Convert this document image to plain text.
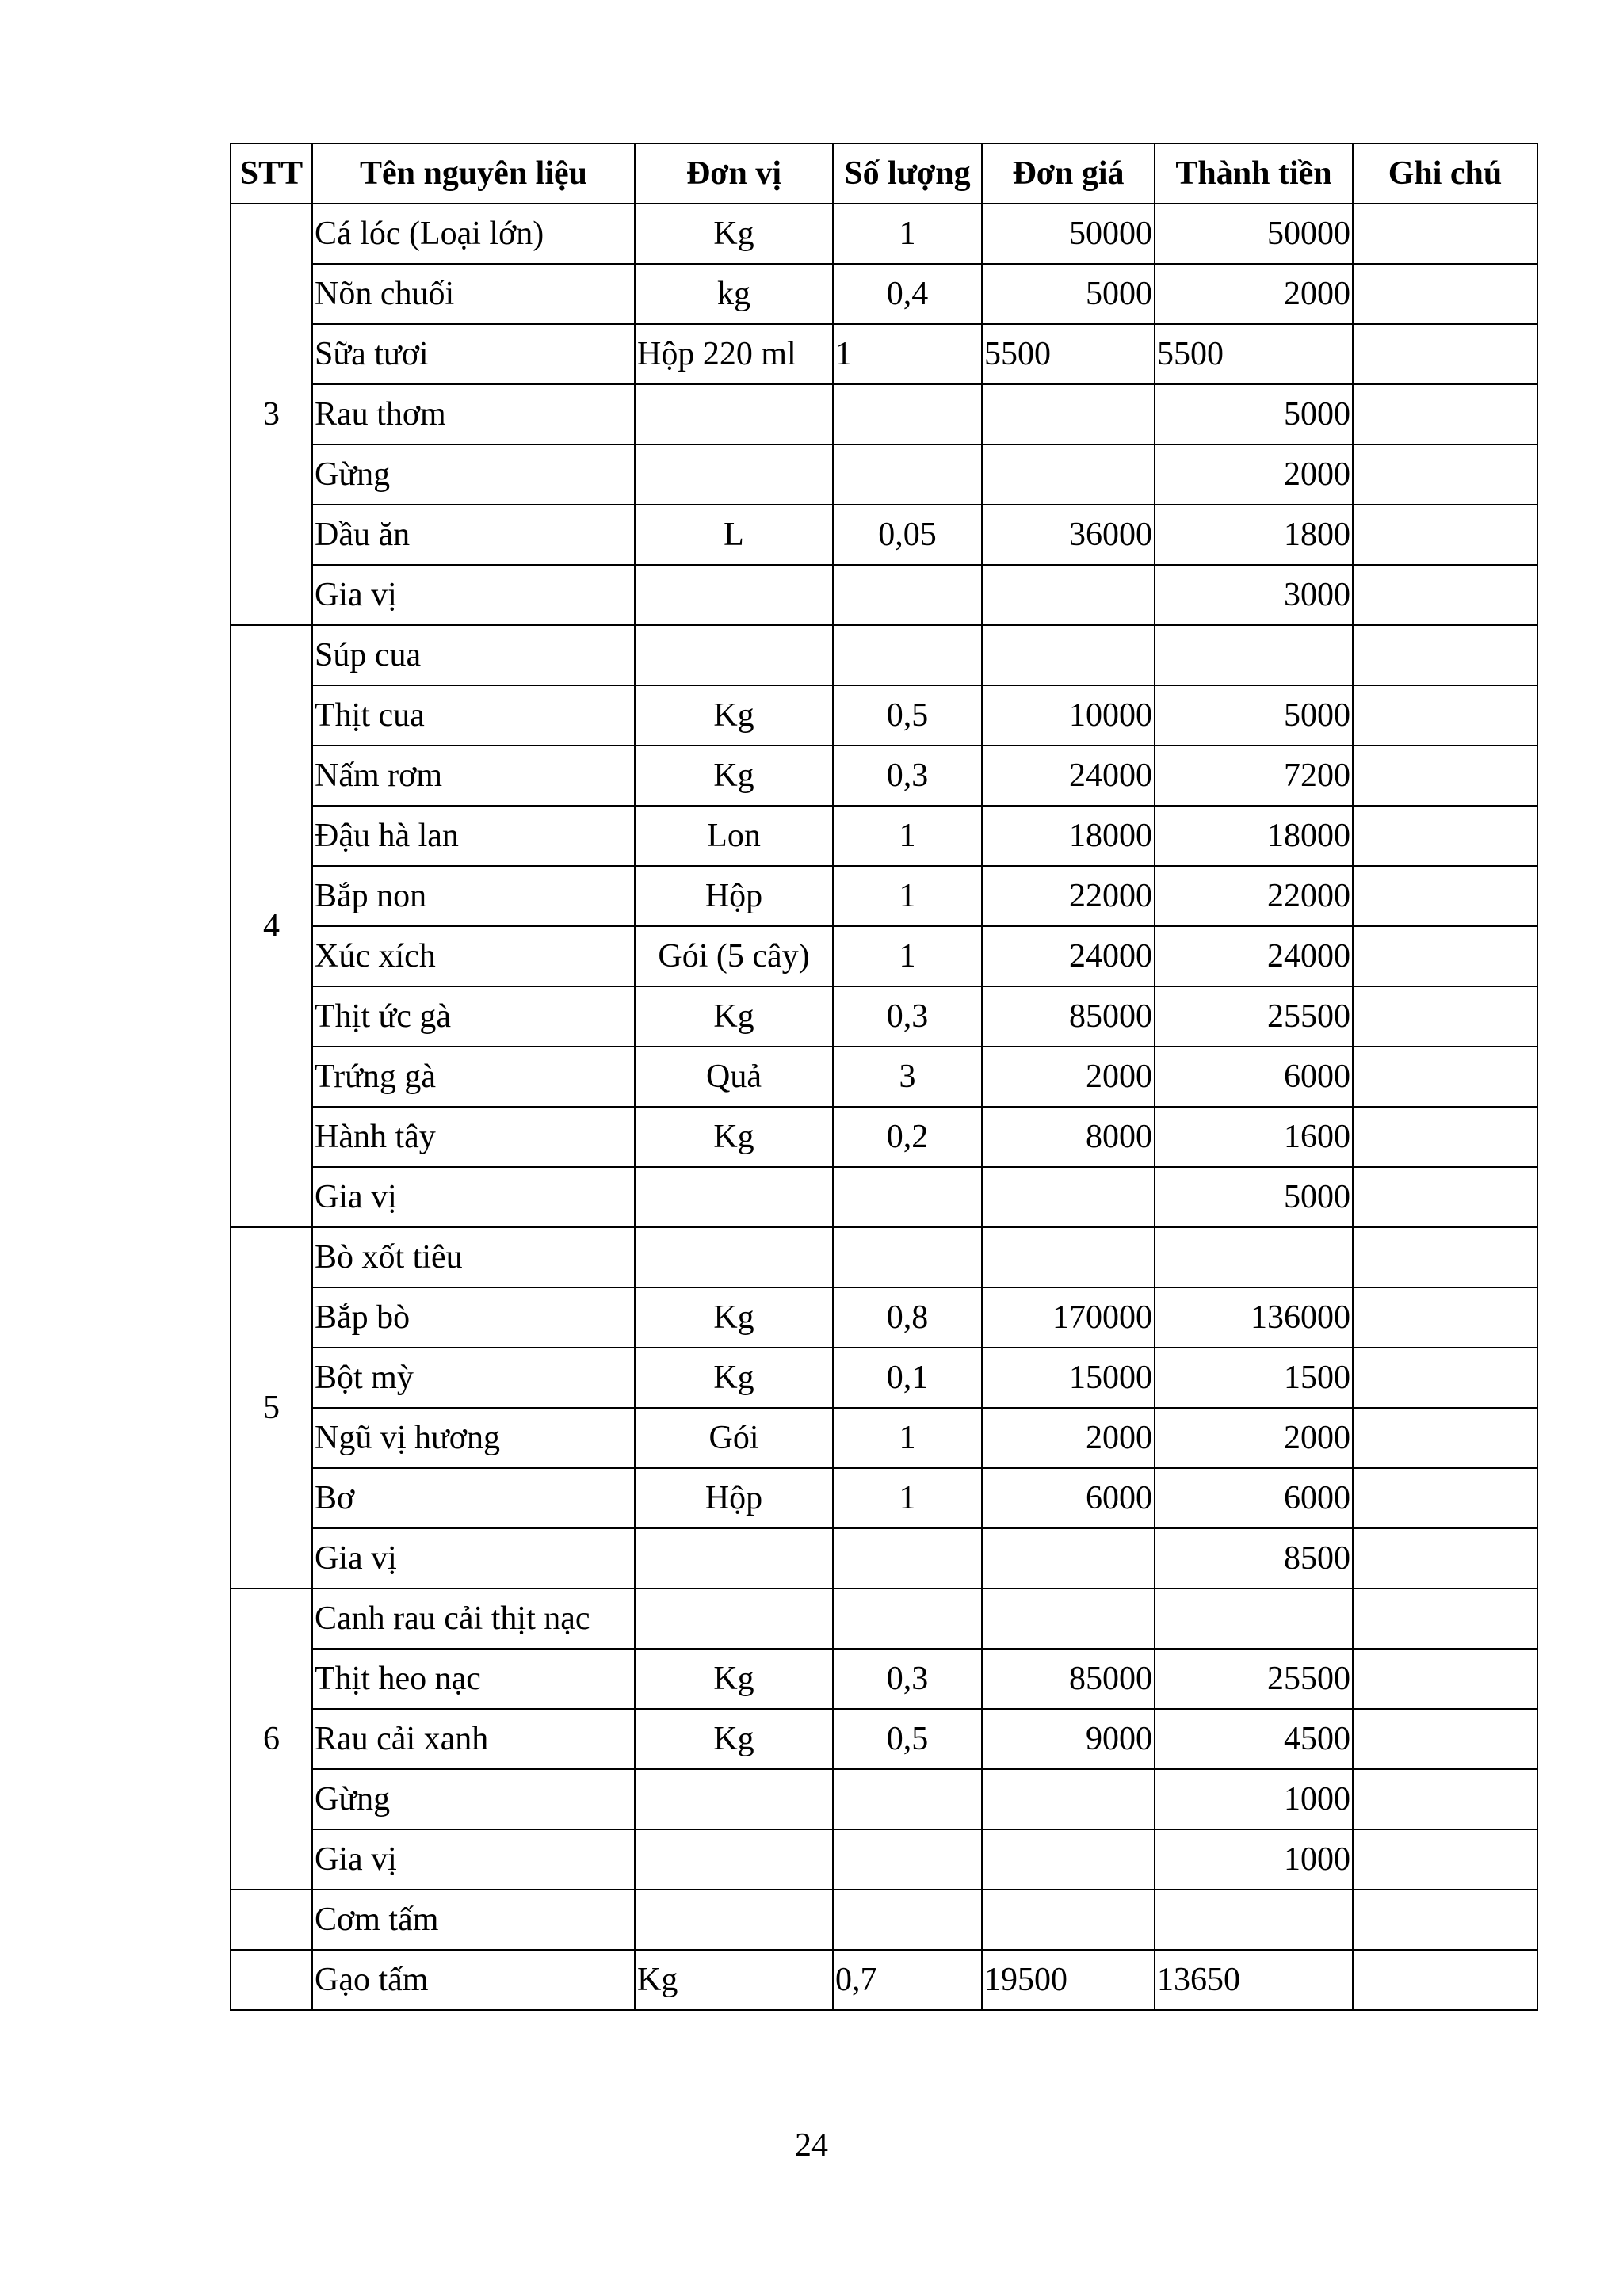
STT	Tên nguyên liệu	Đơn vị	Số lượng	Đơn giá	Thành tiền	Ghi chú
3	Cá lóc (Loại lớn)	Kg	1	50000	50000	
	Nõn chuối	kg	0,4	5000	2000	
	Sữa tươi	Hộp 220 ml	1	5500	5500	
	Rau thơm				5000	
	Gừng				2000	
	Dầu ăn	L	0,05	36000	1800	
	Gia vị				3000	
4	Súp cua					
	Thịt cua	Kg	0,5	10000	5000	
	Nấm rơm	Kg	0,3	24000	7200	
	Đậu hà lan	Lon	1	18000	18000	
	Bắp non	Hộp	1	22000	22000	
	Xúc xích	Gói (5 cây)	1	24000	24000	
	Thịt ức gà	Kg	0,3	85000	25500	
	Trứng gà	Quả	3	2000	6000	
	Hành tây	Kg	0,2	8000	1600	
	Gia vị				5000	
5	Bò xốt tiêu					
	Bắp bò	Kg	0,8	170000	136000	
	Bột mỳ	Kg	0,1	15000	1500	
	Ngũ vị hương	Gói	1	2000	2000	
	Bơ	Hộp	1	6000	6000	
	Gia vị				8500	
6	Canh rau cải thịt nạc					
	Thịt heo nạc	Kg	0,3	85000	25500	
	Rau cải xanh	Kg	0,5	9000	4500	
	Gừng				1000	
	Gia vị				1000	
	Cơm tấm					
	Gạo tấm	Kg	0,7	19500	13650	
24
